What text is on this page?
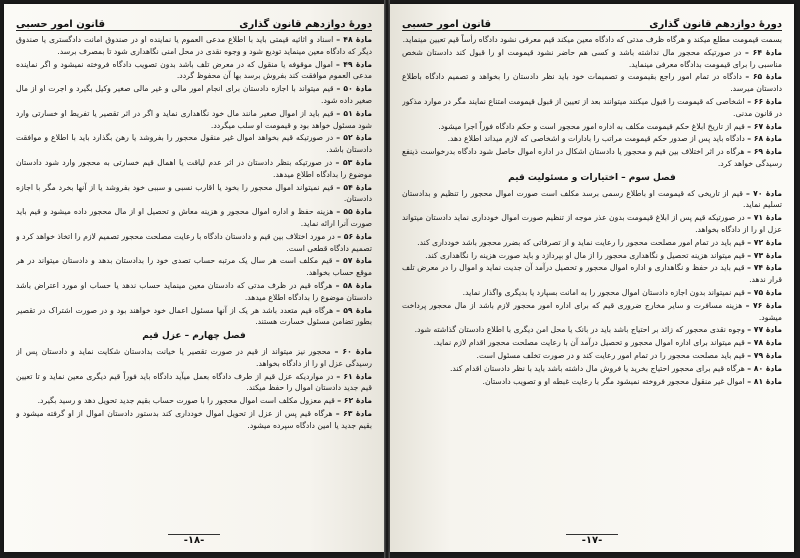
دورهٔ دوازدهم قانون گذاری
قانون امور حسبی

مادهٔ ۴۸ – اسناد و اثاثیه قیمتی باید با اطلاع مدعی العموم یا نماینده او در صندوق امانت دادگستری یا صندوق دیگر که دادگاه معین مینماید تودیع شود و وجوه نقدی در محل امنی نگاهداری شود تا بمصرف برسد.

مادهٔ ۴۹ – اموال موقوفه یا منقول که در معرض تلف باشد بدون تصویب دادگاه فروخته نمیشود و اگر نماینده مدعی العموم موافقت کند بفروش برسد بها آن محفوظ گردد.

مادهٔ ۵۰ – قیم میتواند با اجازه دادستان برای انجام امور مالی و غیر مالی صغیر وکیل بگیرد و اجرت او از مال صغیر داده شود.

مادهٔ ۵۱ – قیم باید از اموال صغیر مانند مال خود نگاهداری نماید و اگر در اثر تقصیر یا تفریط او خسارتی وارد شود مسئول خواهد بود و قیمومت او سلب میگردد.

مادهٔ ۵۲ – در صورتیکه قیم بخواهد اموال غیر منقول محجور را بفروشد یا رهن بگذارد باید با اطلاع و موافقت دادستان باشد.

مادهٔ ۵۳ – در صورتیکه بنظر دادستان در اثر عدم لیاقت یا اهمال قیم خسارتی به محجور وارد شود دادستان موضوع را بدادگاه اطلاع میدهد.

مادهٔ ۵۴ – قیم نمیتواند اموال محجور را بخود یا اقارب نسبی و سببی خود بفروشد یا از آنها بخرد مگر با اجازه دادستان.

مادهٔ ۵۵ – هزینه حفظ و اداره اموال محجور و هزینه معاش و تحصیل او از مال محجور داده میشود و قیم باید صورت آنرا ارائه نماید.

مادهٔ ۵۶ – در مورد اختلاف بین قیم و دادستان دادگاه با رعایت مصلحت محجور تصمیم لازم را اتخاذ خواهد کرد و تصمیم دادگاه قطعی است.

مادهٔ ۵۷ – قیم مکلف است هر سال یک مرتبه حساب تصدی خود را بدادستان بدهد و دادستان میتواند در هر موقع حساب بخواهد.

مادهٔ ۵۸ – هرگاه قیم در ظرف مدتی که دادستان معین مینماید حساب ندهد یا حساب او مورد اعتراض باشد دادستان موضوع را بدادگاه اطلاع میدهد.

مادهٔ ۵۹ – هرگاه قیم متعدد باشد هر یک از آنها مسئول اعمال خود خواهند بود و در صورت اشتراک در تقصیر بطور تضامن مسئول خسارت هستند.

فصل چهارم – عزل قیم

مادهٔ ۶۰ – محجور نیز میتواند از قیم در صورت تقصیر یا خیانت بدادستان شکایت نماید و دادستان پس از رسیدگی عزل او را از دادگاه بخواهد.

مادهٔ ۶۱ – در مواردیکه عزل قیم از طرف دادگاه بعمل میآید دادگاه باید فوراً قیم دیگری معین نماید و تا تعیین قیم جدید دادستان اموال را حفظ میکند.

مادهٔ ۶۲ – قیم معزول مکلف است اموال محجور را با صورت حساب بقیم جدید تحویل دهد و رسید بگیرد.

مادهٔ ۶۳ – هرگاه قیم پس از عزل از تحویل اموال خودداری کند بدستور دادستان اموال از او گرفته میشود و بقیم جدید یا امین دادگاه سپرده میشود.

-۱۸-
دورهٔ دوازدهم قانون گذاری
قانون امور حسبی

بسمت قیمومت مطلع میکند و هرگاه ظرف مدتی که دادگاه معین میکند قیم معرفی نشود دادگاه رأساً قیم تعیین مینماید.

مادهٔ ۶۴ – در صورتیکه محجور مال نداشته باشد و کسی هم حاضر نشود قیمومت او را قبول کند دادستان شخص مناسبی را برای قیمومت بدادگاه معرفی مینماید.

مادهٔ ۶۵ – دادگاه در تمام امور راجع بقیمومت و تصمیمات خود باید نظر دادستان را بخواهد و تصمیم دادگاه باطلاع دادستان میرسد.

مادهٔ ۶۶ – اشخاصی که قیمومت را قبول میکنند میتوانند بعد از تعیین از قبول قیمومت امتناع نمایند مگر در موارد مذکور در قانون مدنی.

مادهٔ ۶۷ – قیم از تاریخ ابلاغ حکم قیمومت مکلف به اداره امور محجور است و حکم دادگاه فوراً اجرا میشود.

مادهٔ ۶۸ – دادگاه باید پس از صدور حکم قیمومت مراتب را بادارات و اشخاصی که لازم میداند اطلاع دهد.

مادهٔ ۶۹ – هرگاه در اثر اختلاف بین قیم و محجور یا دادستان اشکال در اداره اموال حاصل شود دادگاه بدرخواست ذینفع رسیدگی خواهد کرد.

فصل سوم – اختیارات و مسئولیت قیم

مادهٔ ۷۰ – قیم از تاریخی که قیمومت او باطلاع رسمی برسد مکلف است صورت اموال محجور را تنظیم و بدادستان تسلیم نماید.

مادهٔ ۷۱ – در صورتیکه قیم پس از ابلاغ قیمومت بدون عذر موجه از تنظیم صورت اموال خودداری نماید دادستان میتواند عزل او را از دادگاه بخواهد.

مادهٔ ۷۲ – قیم باید در تمام امور مصلحت محجور را رعایت نماید و از تصرفاتی که بضرر محجور باشد خودداری کند.

مادهٔ ۷۳ – قیم میتواند هزینه تحصیل و نگاهداری محجور را از مال او بپردازد و باید صورت هزینه را نگاهداری کند.

مادهٔ ۷۴ – قیم باید در حفظ و نگاهداری و اداره اموال محجور و تحصیل درآمد آن جدیت نماید و اموال را در معرض تلف قرار ندهد.

مادهٔ ۷۵ – قیم نمیتواند بدون اجازه دادستان اموال محجور را به امانت بسپارد یا بدیگری واگذار نماید.

مادهٔ ۷۶ – هزینه مسافرت و سایر مخارج ضروری قیم که برای اداره امور محجور لازم باشد از مال محجور پرداخت میشود.

مادهٔ ۷۷ – وجوه نقدی محجور که زائد بر احتیاج باشد باید در بانک یا محل امن دیگری با اطلاع دادستان گذاشته شود.

مادهٔ ۷۸ – قیم میتواند برای اداره اموال محجور و تحصیل درآمد آن با رعایت مصلحت محجور اقدام لازم نماید.

مادهٔ ۷۹ – قیم باید مصلحت محجور را در تمام امور رعایت کند و در صورت تخلف مسئول است.

مادهٔ ۸۰ – هرگاه قیم برای محجور احتیاج بخرید یا فروش مال داشته باشد باید با نظر دادستان اقدام کند.

مادهٔ ۸۱ – اموال غیر منقول محجور فروخته نمیشود مگر با رعایت غبطه او و تصویب دادستان.

-۱۷-
